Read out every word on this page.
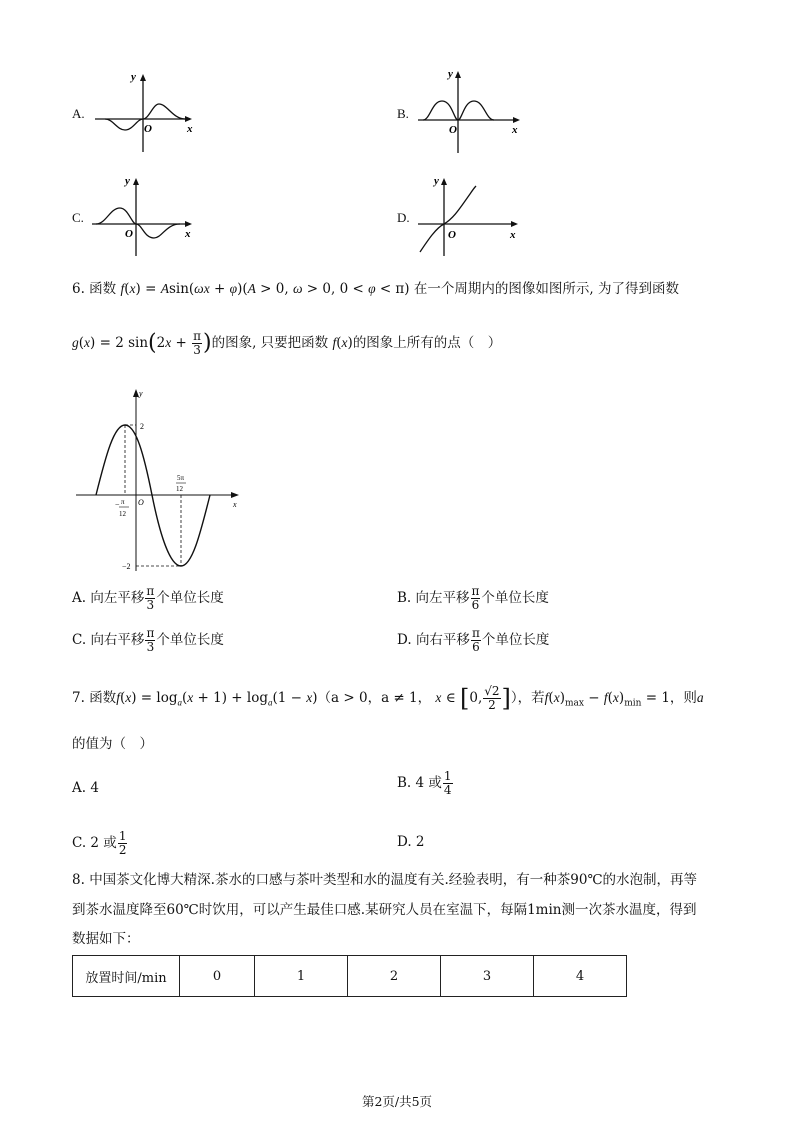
A.
y
x
O
B.
y
x
O
C.
y
x
O
D.
y
x
O
6. 函数 f(x) = Asin(ωx + φ)(A > 0, ω > 0, 0 < φ < π) 在一个周期内的图像如图所示, 为了得到函数
g(x) = 2 $\sin(2x + \frac{\pi}{3}$ )的图象, 只要把函数 f(x)的图象上所有的点（　）
2
−2
y
x
O
− π
12
5π
12
A. 向左平移 $\frac{\pi}{3}$ 个单位长度	B. 向左平移 $\frac{\pi}{6}$ 个单位长度
C. 向右平移 $\frac{\pi}{3}$ 个单位长度	D. 向右平移 $\frac{\pi}{6}$ 个单位长度
7. 函数$f(x) = \log_a(x + 1) + \log_a(1 - x)(a > 0$，a ≠ 1， x ∈ [0, $\frac{√2}{2}$ ]），若$f(x)_{max} - f(x)_{min} = 1$，则a
的值为（　）
A. 4	B. 4 或 $\frac{1}{4}$
C. 2 或 $\frac{1}{2}$	D. 2
8. 中国茶文化博大精深.茶水的口感与茶叶类型和水的温度有关.经验表明，有一种茶90℃的水泡制，再等
到茶水温度降至60℃时饮用，可以产生最佳口感.某研究人员在室温下，每隔1min测一次茶水温度，得到
数据如下：
放置时间/min	0	1	2	3	4
第2页/共5页
